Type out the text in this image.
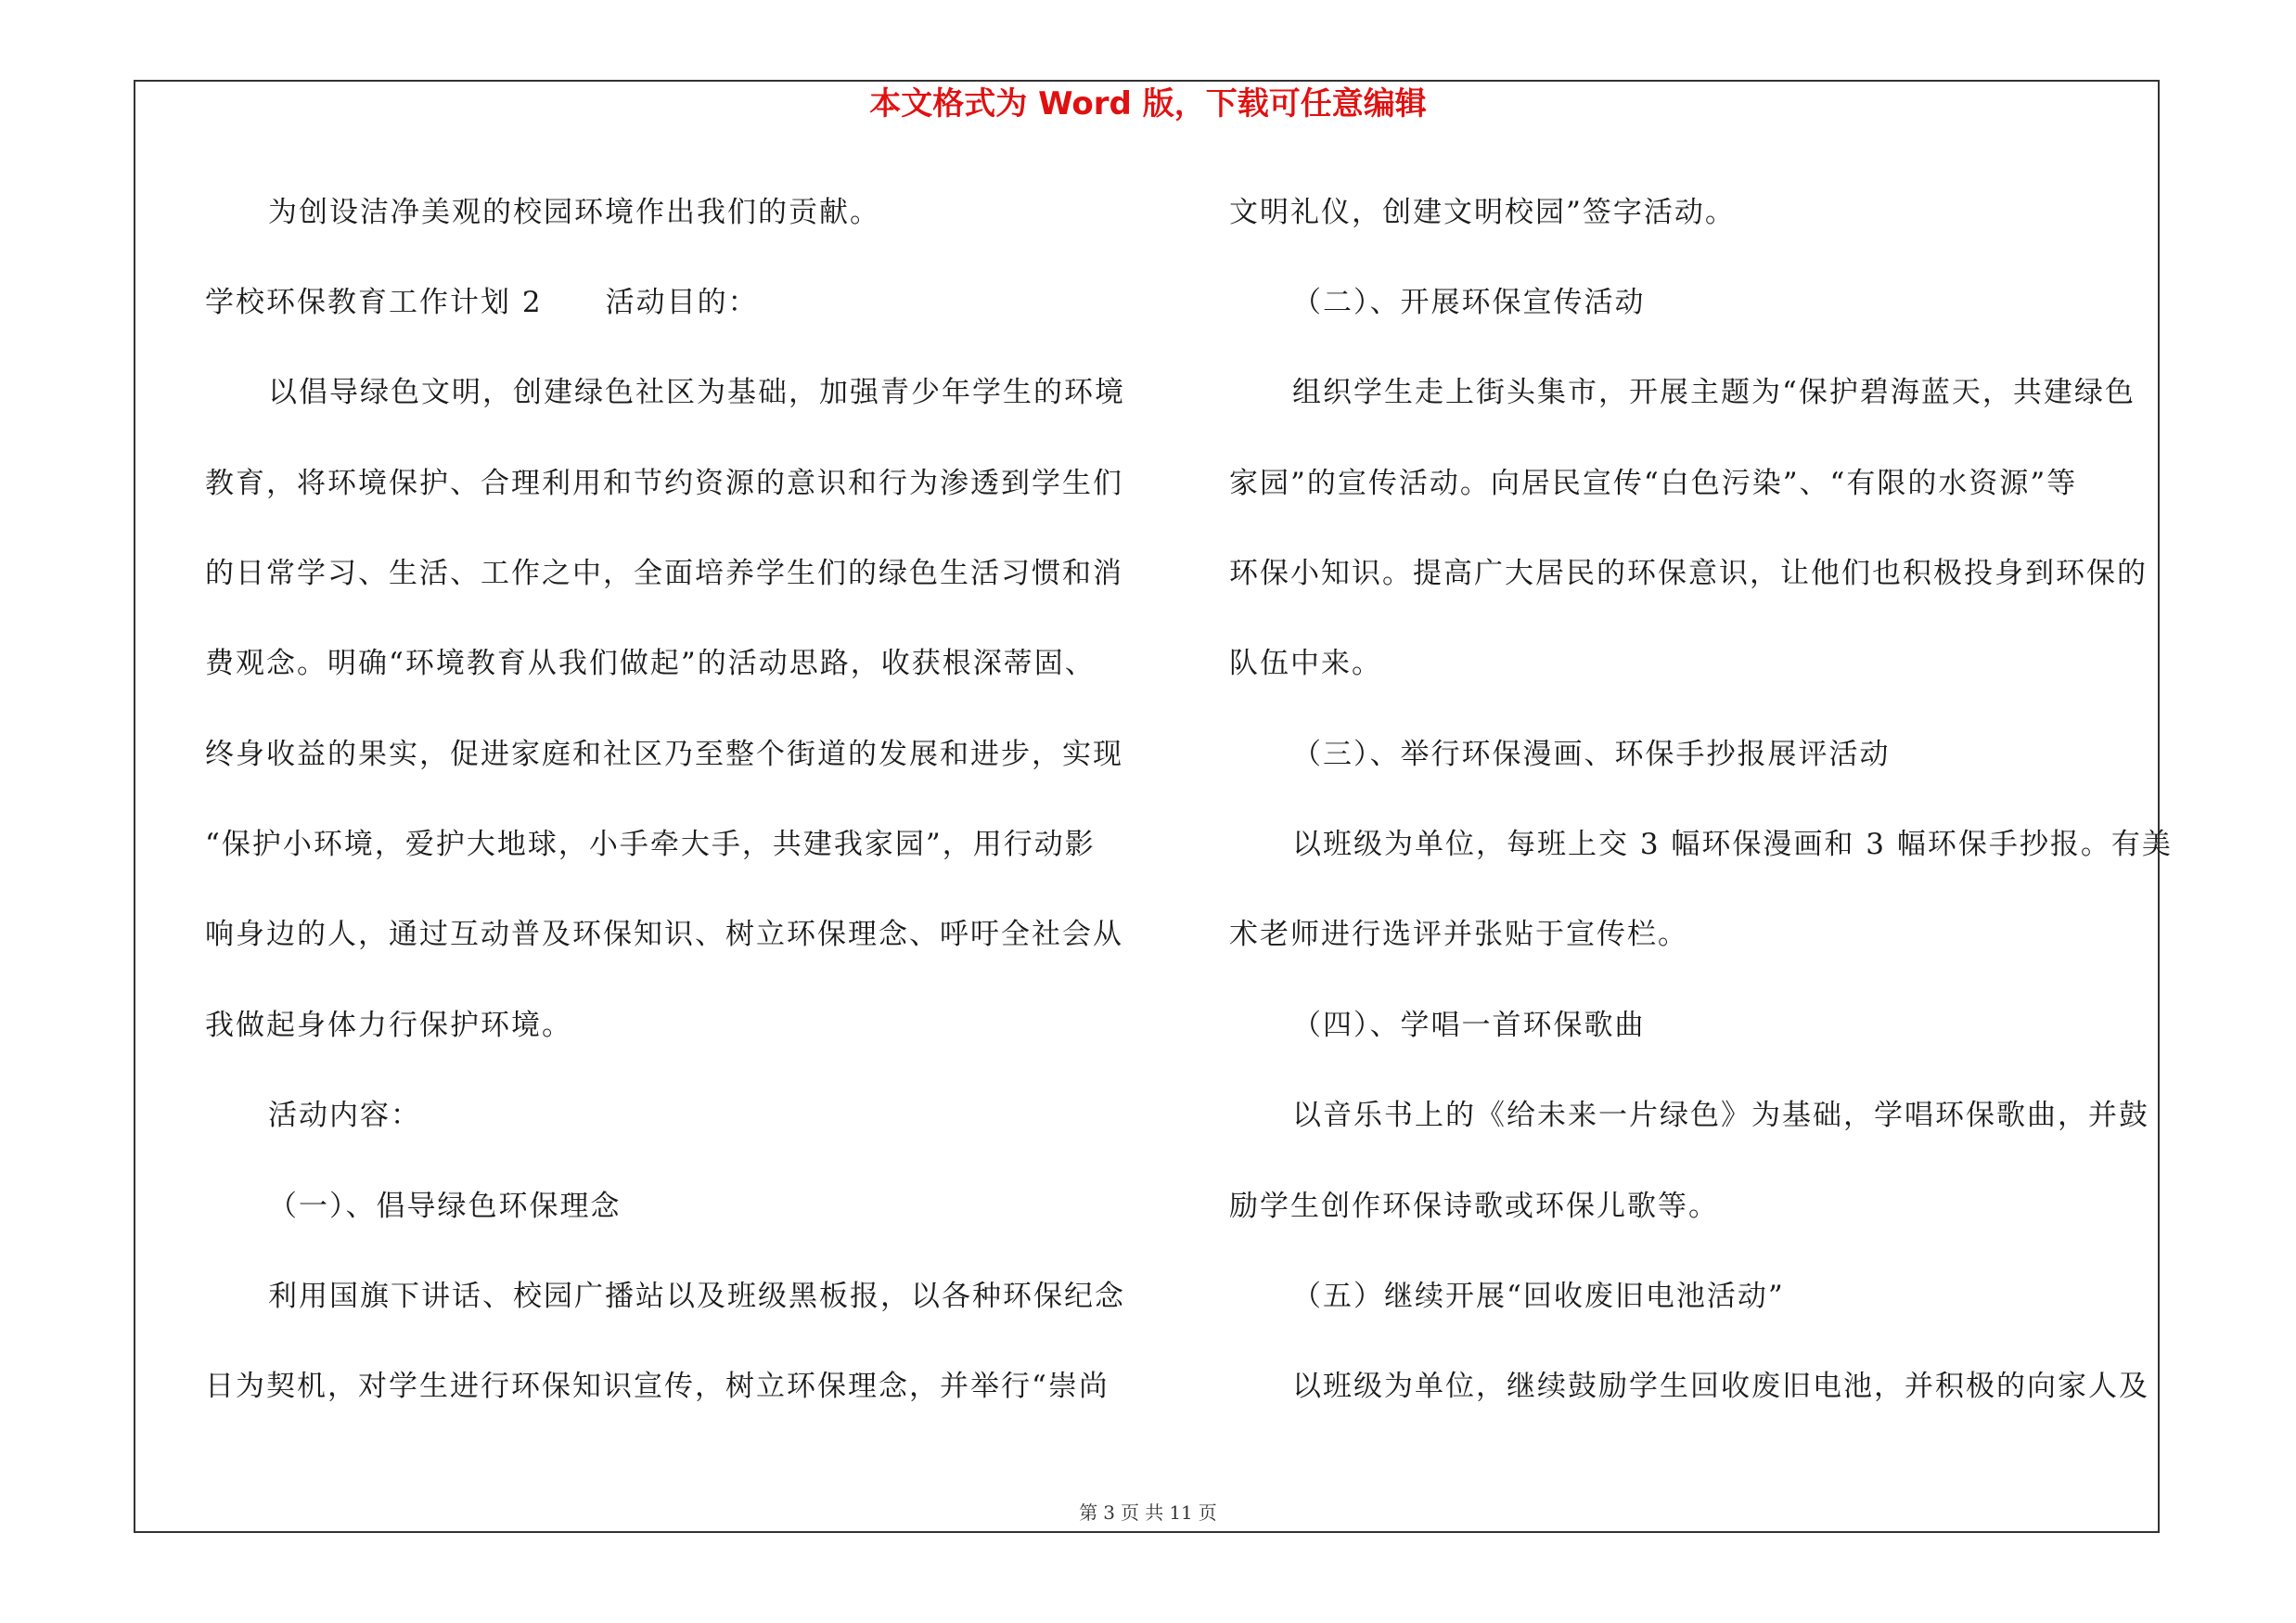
本文格式为 Word 版，下载可任意编辑
为创设洁净美观的校园环境作出我们的贡献。
学校环保教育工作计划 2 活动目的：
以倡导绿色文明，创建绿色社区为基础，加强青少年学生的环境
教育，将环境保护、合理利用和节约资源的意识和行为渗透到学生们
的日常学习、生活、工作之中，全面培养学生们的绿色生活习惯和消
费观念。明确“环境教育从我们做起”的活动思路，收获根深蒂固、
终身收益的果实，促进家庭和社区乃至整个街道的发展和进步，实现
“保护小环境，爱护大地球，小手牵大手，共建我家园”，用行动影
响身边的人，通过互动普及环保知识、树立环保理念、呼吁全社会从
我做起身体力行保护环境。
活动内容：
（一）、倡导绿色环保理念
利用国旗下讲话、校园广播站以及班级黑板报，以各种环保纪念
日为契机，对学生进行环保知识宣传，树立环保理念，并举行“崇尚
文明礼仪，创建文明校园”签字活动。
（二）、开展环保宣传活动
组织学生走上街头集市，开展主题为“保护碧海蓝天，共建绿色
家园”的宣传活动。向居民宣传“白色污染”、“有限的水资源”等
环保小知识。提高广大居民的环保意识，让他们也积极投身到环保的
队伍中来。
（三）、举行环保漫画、环保手抄报展评活动
以班级为单位，每班上交 3 幅环保漫画和 3 幅环保手抄报。有美
术老师进行选评并张贴于宣传栏。
（四）、学唱一首环保歌曲
以音乐书上的《给未来一片绿色》为基础，学唱环保歌曲，并鼓
励学生创作环保诗歌或环保儿歌等。
（五）继续开展“回收废旧电池活动”
以班级为单位，继续鼓励学生回收废旧电池，并积极的向家人及
第 3 页 共 11 页
